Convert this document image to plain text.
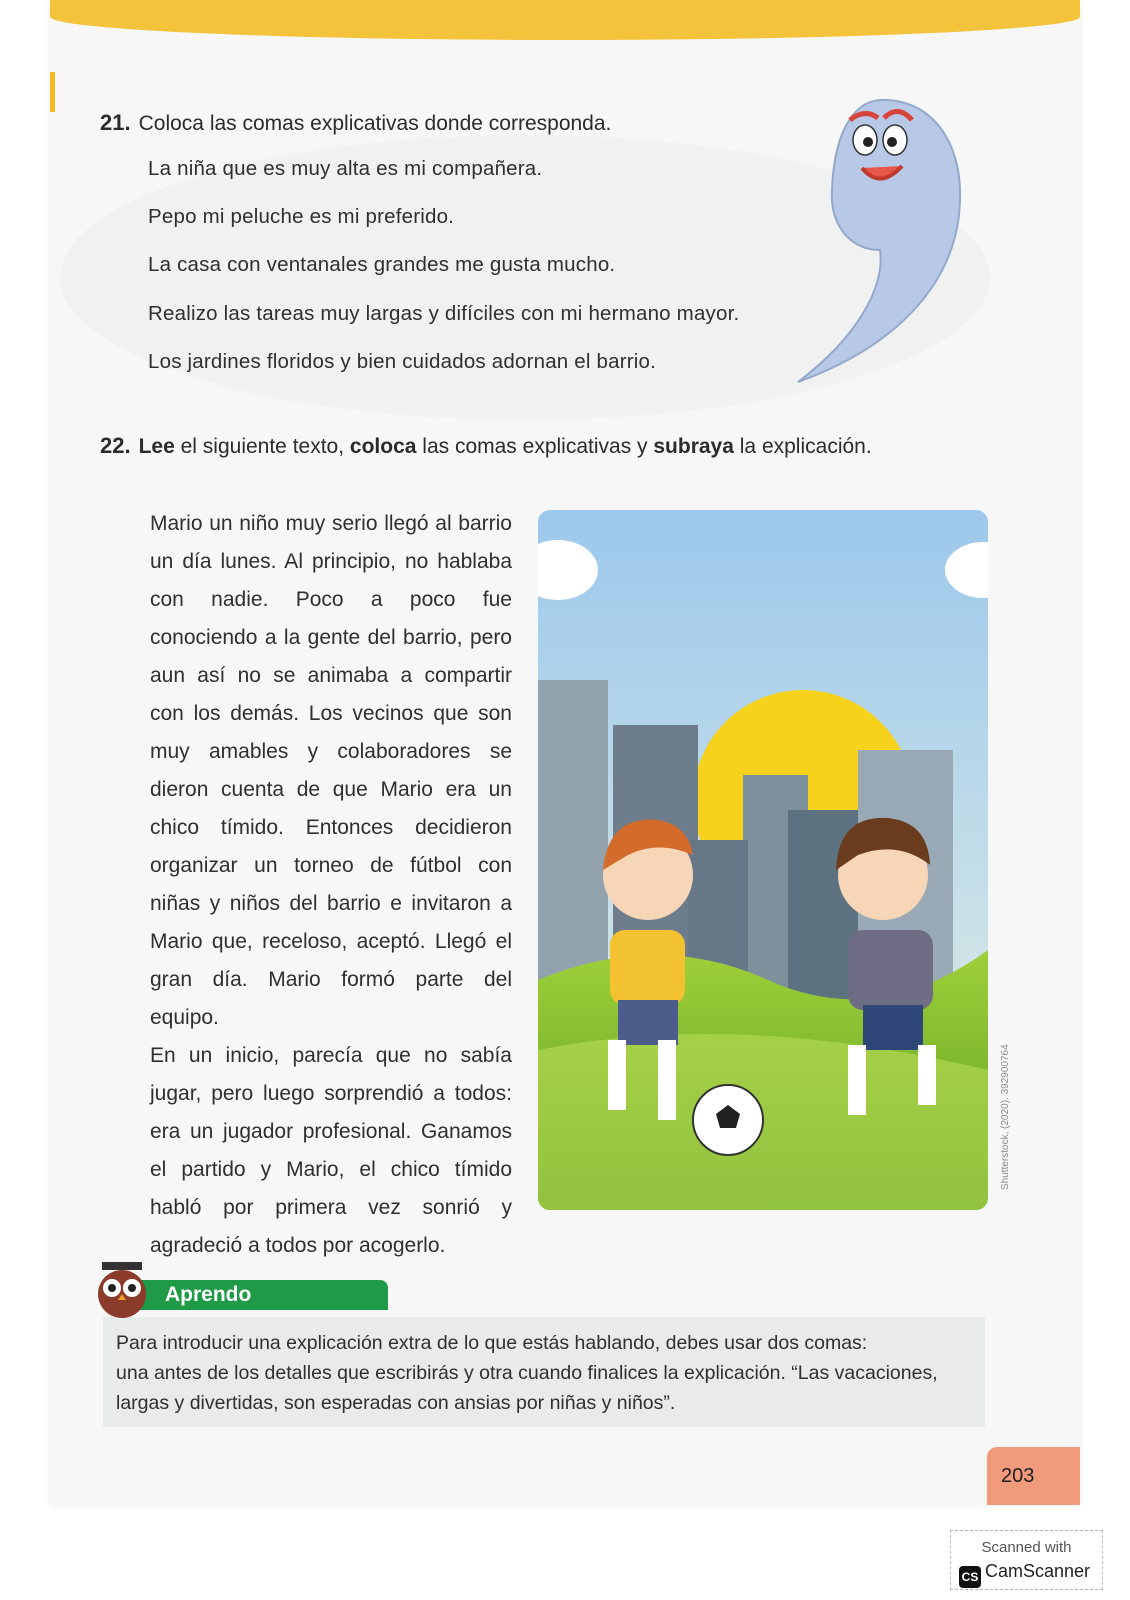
21. Coloca las comas explicativas donde corresponda.
La niña que es muy alta es mi compañera.
Pepo mi peluche es mi preferido.
La casa con ventanales grandes me gusta mucho.
Realizo las tareas muy largas y difíciles con mi hermano mayor.
Los jardines floridos y bien cuidados adornan el barrio.
22. Lee el siguiente texto, coloca las comas explicativas y subraya la explicación.

Mario un niño muy serio llegó al barrio un día lunes. Al principio, no hablaba con nadie. Poco a poco fue conociendo a la gente del barrio, pero aun así no se animaba a compartir con los demás. Los vecinos que son muy amables y colaboradores se dieron cuenta de que Mario era un chico tímido. Entonces decidieron organizar un torneo de fútbol con niñas y niños del barrio e invitaron a Mario que, receloso, aceptó. Llegó el gran día. Mario formó parte del equipo.

En un inicio, parecía que no sabía jugar, pero luego sorprendió a todos: era un jugador profesional. Ganamos el partido y Mario, el chico tímido habló por primera vez sonrió y agradeció a todos por acogerlo.

Shutterstock, (2020). 392900764
Aprendo
Para introducir una explicación extra de lo que estás hablando, debes usar dos comas:
una antes de los detalles que escribirás y otra cuando finalices la explicación. “Las vacaciones,
largas y divertidas, son esperadas con ansias por niñas y niños”.
203
Scanned with
CS CamScanner
